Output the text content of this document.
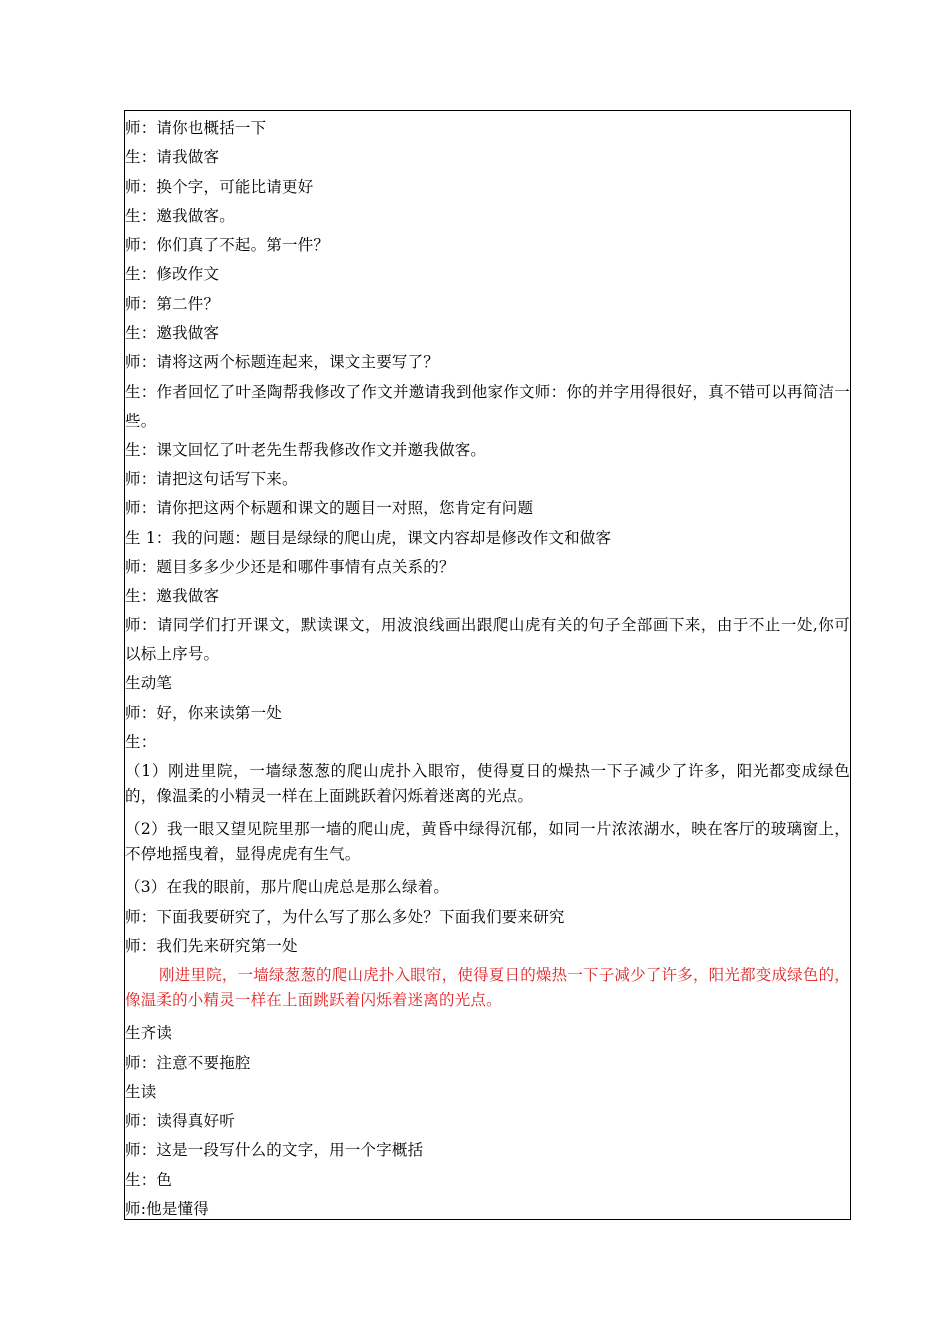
师：请你也概括一下
生：请我做客
师：换个字，可能比请更好
生：邀我做客。
师：你们真了不起。第一件？
生：修改作文
师：第二件？
生：邀我做客
师：请将这两个标题连起来，课文主要写了？
生：作者回忆了叶圣陶帮我修改了作文并邀请我到他家作文师：你的并字用得很好，真不错可以再简洁一些。
生：课文回忆了叶老先生帮我修改作文并邀我做客。
师：请把这句话写下来。
师：请你把这两个标题和课文的题目一对照，您肯定有问题
生 1：我的问题：题目是绿绿的爬山虎，课文内容却是修改作文和做客
师：题目多多少少还是和哪件事情有点关系的？
生：邀我做客
师：请同学们打开课文，默读课文，用波浪线画出跟爬山虎有关的句子全部画下来，由于不止一处,你可以标上序号。
生动笔
师：好，你来读第一处
生：
（1）刚进里院，一墙绿葱葱的爬山虎扑入眼帘，使得夏日的燥热一下子减少了许多，阳光都变成绿色的，像温柔的小精灵一样在上面跳跃着闪烁着迷离的光点。
（2）我一眼又望见院里那一墙的爬山虎，黄昏中绿得沉郁，如同一片浓浓湖水，映在客厅的玻璃窗上，不停地摇曳着，显得虎虎有生气。
（3）在我的眼前，那片爬山虎总是那么绿着。
师：下面我要研究了，为什么写了那么多处？下面我们要来研究
师：我们先来研究第一处
刚进里院，一墙绿葱葱的爬山虎扑入眼帘，使得夏日的燥热一下子减少了许多，阳光都变成绿色的，像温柔的小精灵一样在上面跳跃着闪烁着迷离的光点。
生齐读
师：注意不要拖腔
生读
师：读得真好听
师：这是一段写什么的文字，用一个字概括
生：色
师:他是懂得
